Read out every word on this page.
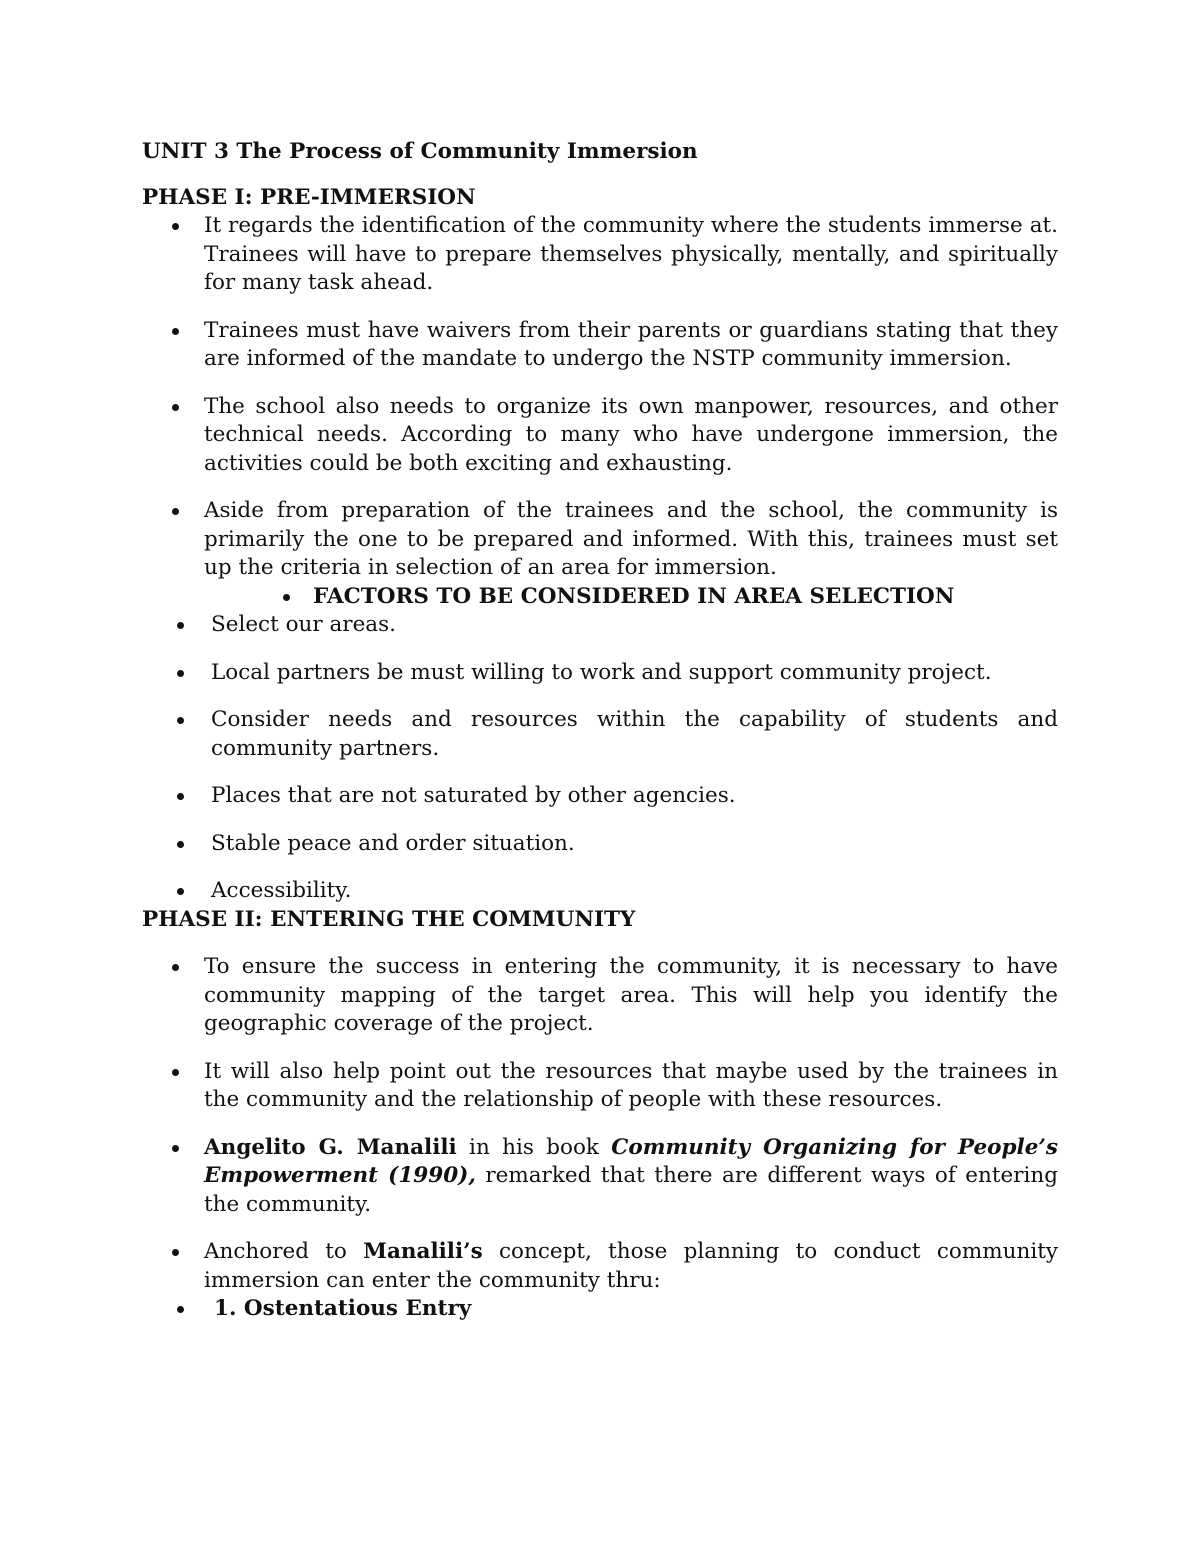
UNIT 3 The Process of Community Immersion
PHASE I: PRE-IMMERSION
It regards the identification of the community where the students immerse at. Trainees will have to prepare themselves physically, mentally, and spiritually for many task ahead.
Trainees must have waivers from their parents or guardians stating that they are informed of the mandate to undergo the NSTP community immersion.
The school also needs to organize its own manpower, resources, and other technical needs. According to many who have undergone immersion, the activities could be both exciting and exhausting.
Aside from preparation of the trainees and the school, the community is primarily the one to be prepared and informed. With this, trainees must set up the criteria in selection of an area for immersion.
FACTORS TO BE CONSIDERED IN AREA SELECTION
Select our areas.
Local partners be must willing to work and support community project.
Consider needs and resources within the capability of students and community partners.
Places that are not saturated by other agencies.
Stable peace and order situation.
Accessibility.
PHASE II: ENTERING THE COMMUNITY
To ensure the success in entering the community, it is necessary to have community mapping of the target area. This will help you identify the geographic coverage of the project.
It will also help point out the resources that maybe used by the trainees in the community and the relationship of people with these resources.
Angelito G. Manalili in his book Community Organizing for People’s Empowerment (1990), remarked that there are different ways of entering the community.
Anchored to Manalili’s concept, those planning to conduct community immersion can enter the community thru:
1. Ostentatious Entry
